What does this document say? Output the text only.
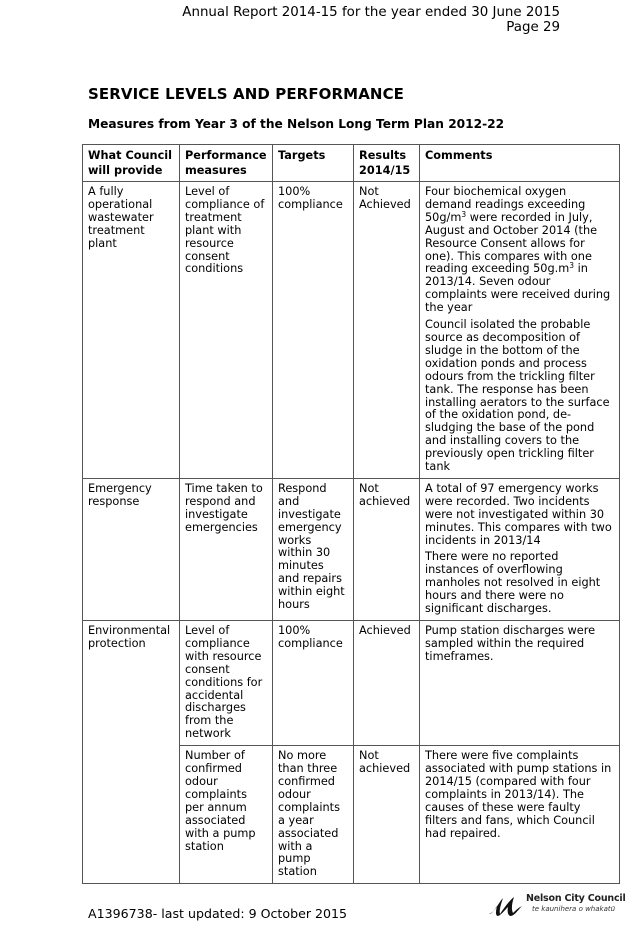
Annual Report 2014-15 for the year ended 30 June 2015
Page 29
SERVICE LEVELS AND PERFORMANCE
Measures from Year 3 of the Nelson Long Term Plan 2012-22
What Council will provide	Performance measures	Targets	Results 2014/15	Comments
A fully operational wastewater treatment plant	Level of compliance of treatment plant with resource consent conditions	100% compliance	Not Achieved	Four biochemical oxygen demand readings exceeding $50g/m^3$ were recorded in July, August and October 2014 (the Resource Consent allows for one). This compares with one reading exceeding $50g.m^3$ in 2013/14. Seven odour complaints were received during the year

Council isolated the probable source as decomposition of sludge in the bottom of the oxidation ponds and process odours from the trickling filter tank. The response has been installing aerators to the surface of the oxidation pond, de-sludging the base of the pond and installing covers to the previously open trickling filter tank

Emergency response	Time taken to respond and investigate emergencies	Respond and investigate emergency works within 30 minutes and repairs within eight hours	Not achieved	A total of 97 emergency works were recorded. Two incidents were not investigated within 30 minutes. This compares with two incidents in 2013/14

There were no reported instances of overflowing manholes not resolved in eight hours and there were no significant discharges.

Environmental protection	Level of compliance with resource consent conditions for accidental discharges from the network	100% compliance	Achieved	Pump station discharges were sampled within the required timeframes.
	Number of confirmed odour complaints per annum associated with a pump station	No more than three confirmed odour complaints a year associated with a pump station	Not achieved	There were five complaints associated with pump stations in 2014/15 (compared with four complaints in 2013/14). The causes of these were faulty filters and fans, which Council had repaired.
A1396738- last updated: 9 October 2015
Nelson City Council
te kaunihera o whakatū
